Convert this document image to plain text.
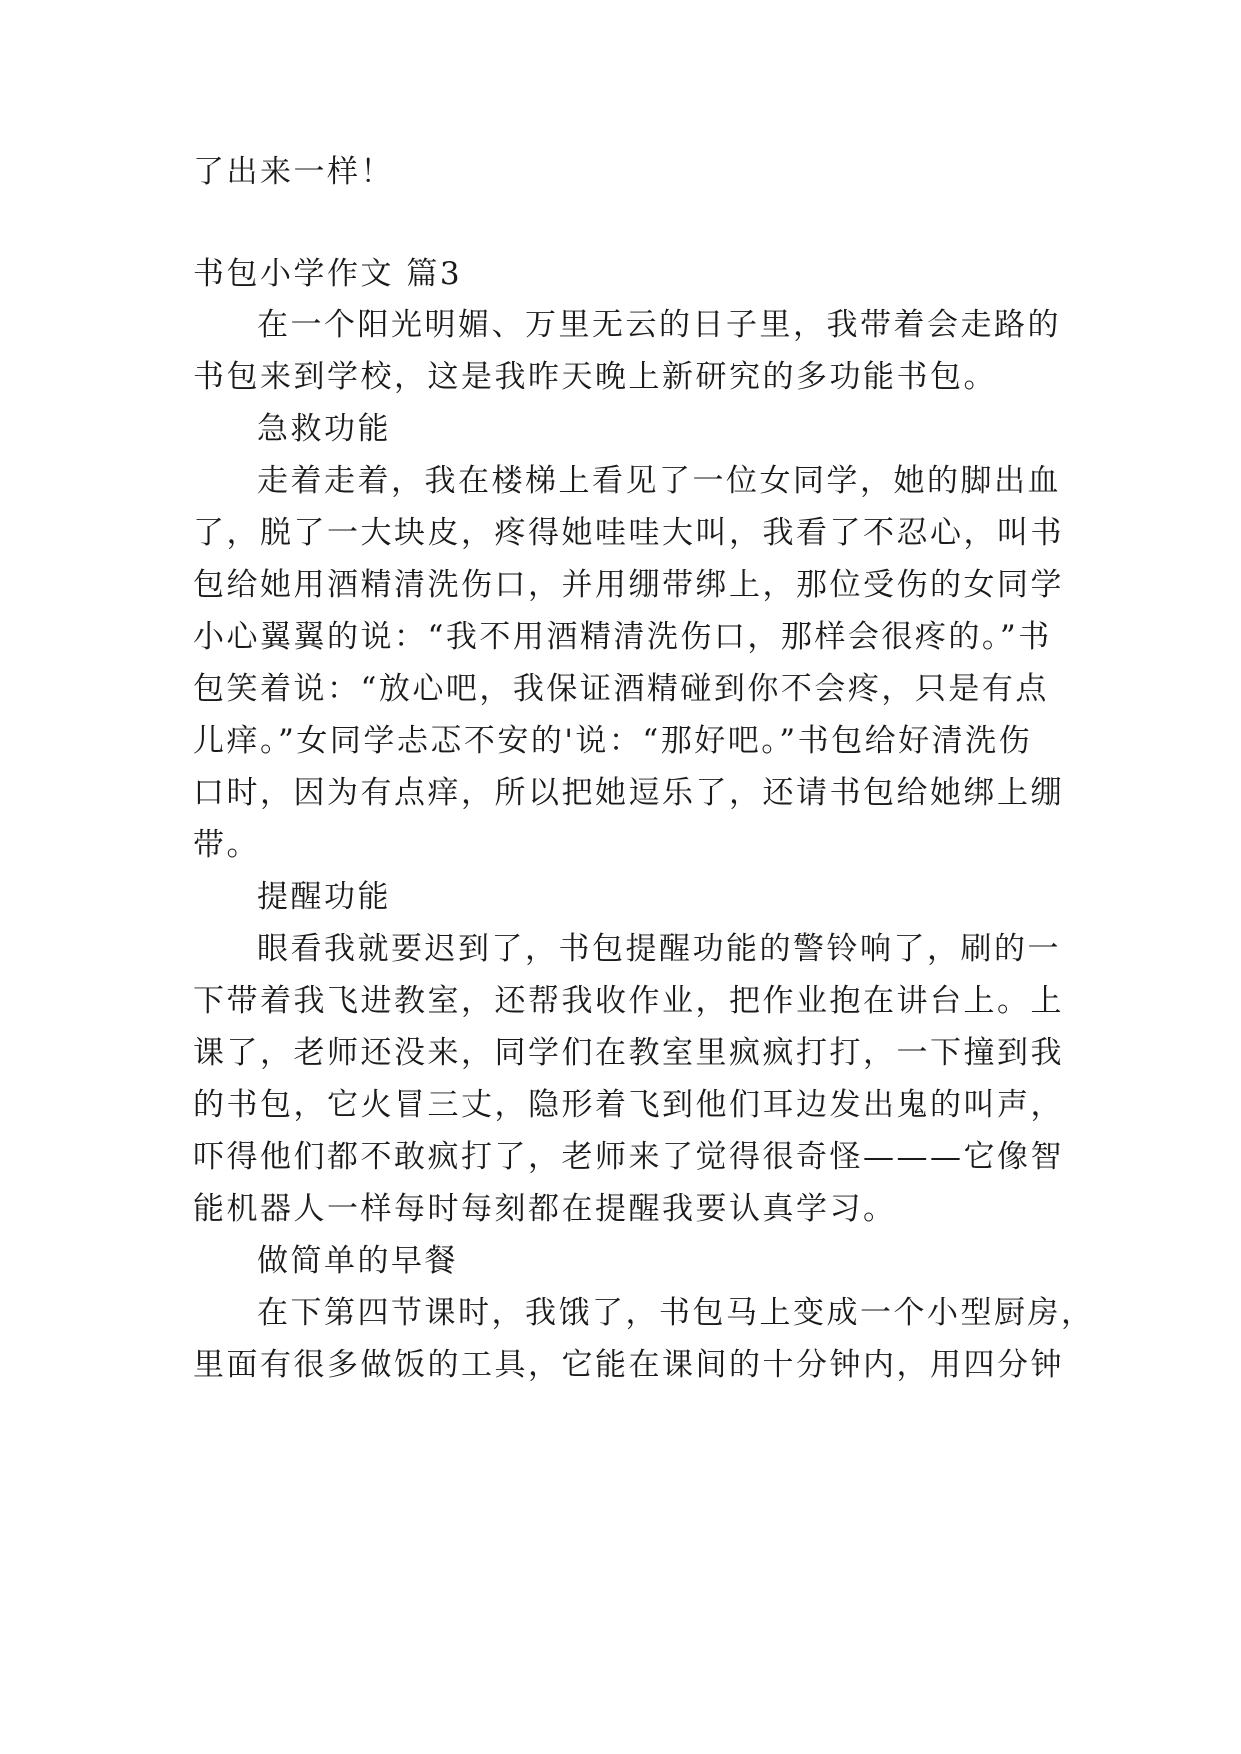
了出来一样！
书包小学作文 篇3
在一个阳光明媚、万里无云的日子里，我带着会走路的
书包来到学校，这是我昨天晚上新研究的多功能书包。
急救功能
走着走着，我在楼梯上看见了一位女同学，她的脚出血
了，脱了一大块皮，疼得她哇哇大叫，我看了不忍心，叫书
包给她用酒精清洗伤口，并用绷带绑上，那位受伤的女同学
小心翼翼的说：“我不用酒精清洗伤口，那样会很疼的。”书
包笑着说：“放心吧，我保证酒精碰到你不会疼，只是有点
儿痒。”女同学忐忑不安的'说：“那好吧。”书包给好清洗伤
口时，因为有点痒，所以把她逗乐了，还请书包给她绑上绷
带。
提醒功能
眼看我就要迟到了，书包提醒功能的警铃响了，刷的一
下带着我飞进教室，还帮我收作业，把作业抱在讲台上。上
课了，老师还没来，同学们在教室里疯疯打打，一下撞到我
的书包，它火冒三丈，隐形着飞到他们耳边发出鬼的叫声，
吓得他们都不敢疯打了，老师来了觉得很奇怪———它像智
能机器人一样每时每刻都在提醒我要认真学习。
做简单的早餐
在下第四节课时，我饿了，书包马上变成一个小型厨房，
里面有很多做饭的工具，它能在课间的十分钟内，用四分钟
